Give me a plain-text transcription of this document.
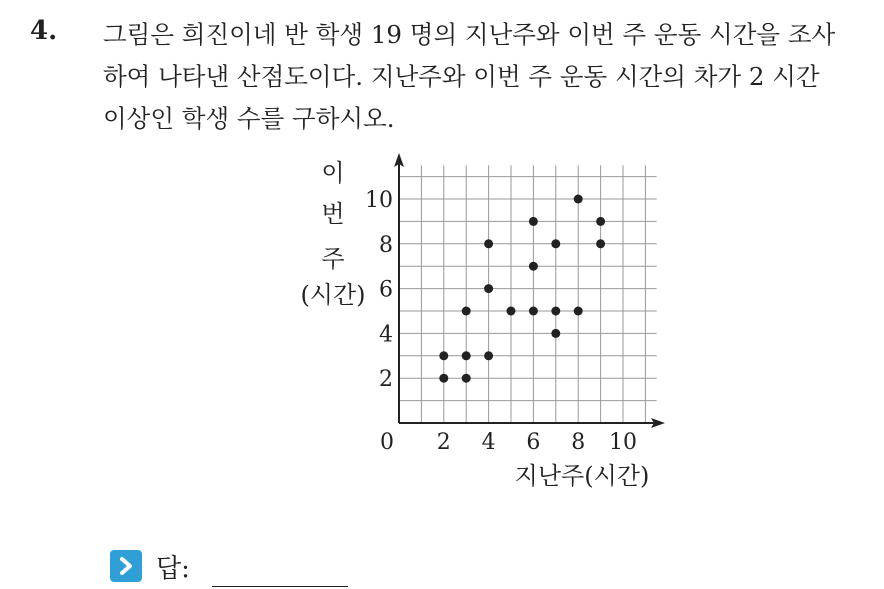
4. 그림은 희진이네 반 학생 19 명의 지난주와 이번 주 운동 시간을 조사
하여 나타낸 산점도이다. 지난주와 이번 주 운동 시간의 차가 2 시간
이상인 학생 수를 구하시오.
2 4 6 8 10
2
4
6
8
10
0
지난주(시간)
이
번
주
(시간)
답:
